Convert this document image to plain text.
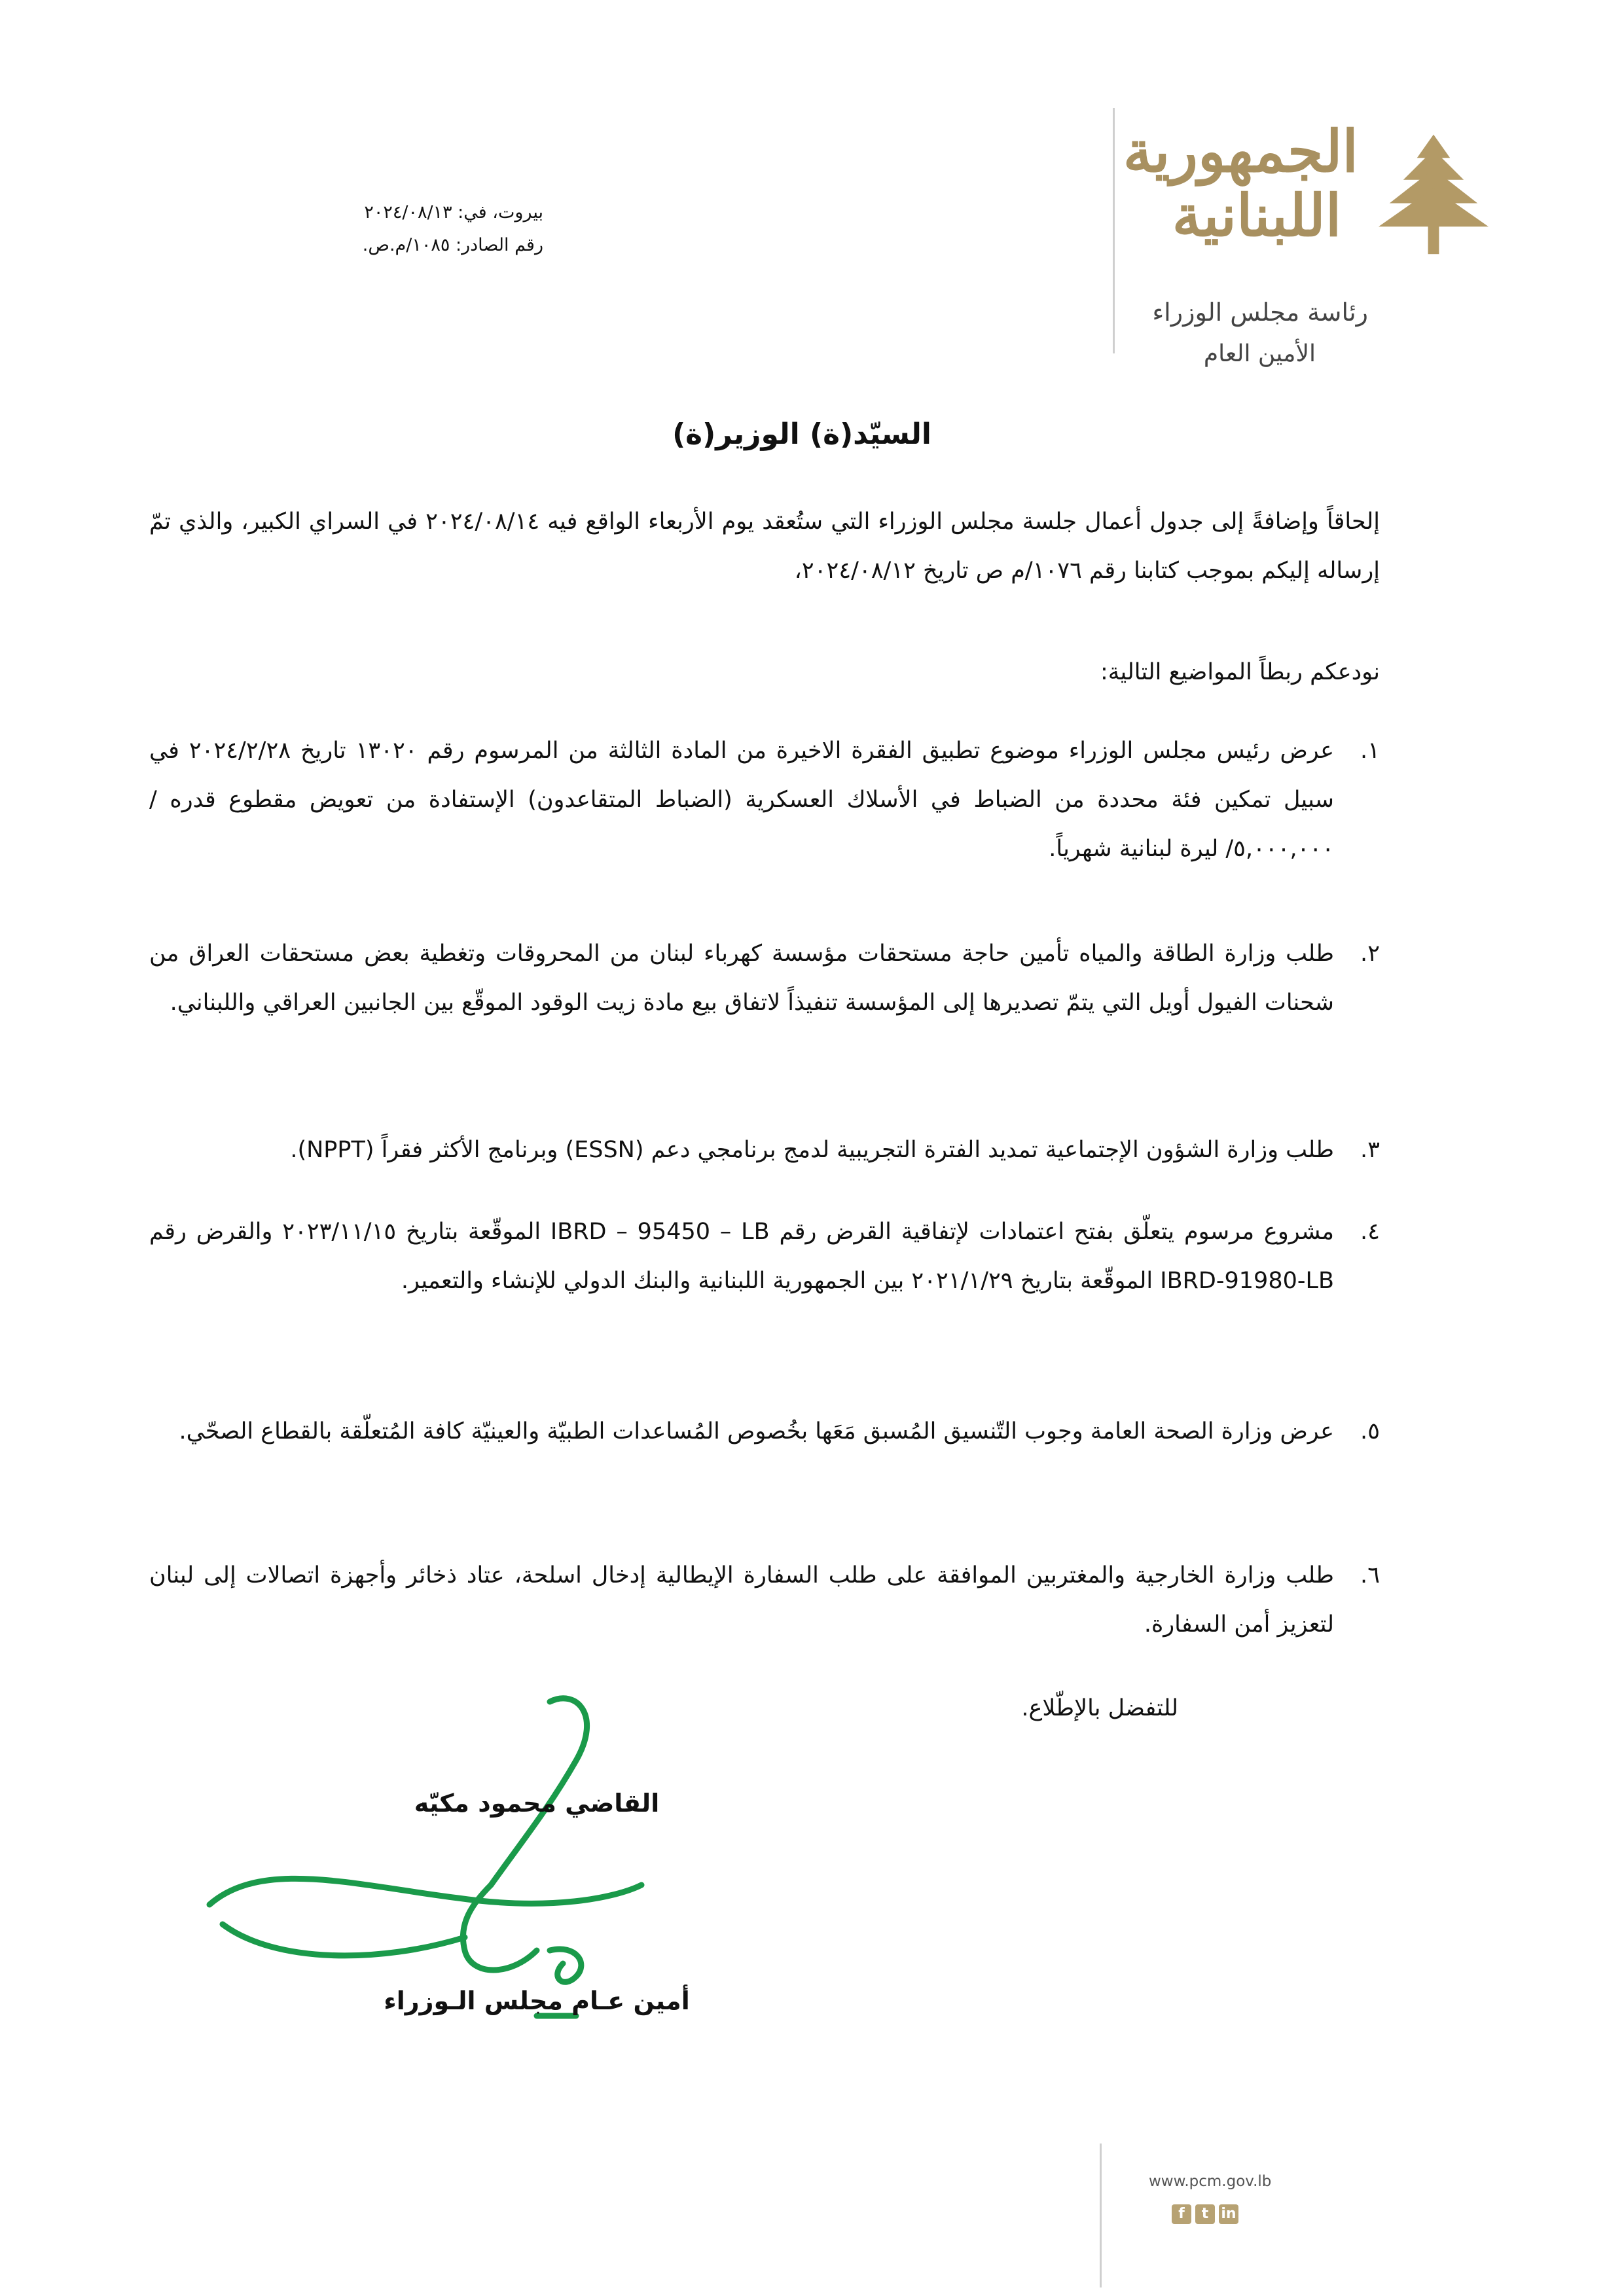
الجمهورية
اللبنانية
رئاسة مجلس الوزراء
الأمين العام
بيروت، في: ٢٠٢٤/٠٨/١٣
رقم الصادر: ١٠٨٥/م.ص.
السيّد(ة) الوزير(ة)
إلحاقاً وإضافةً إلى جدول أعمال جلسة مجلس الوزراء التي ستُعقد يوم الأربعاء الواقع فيه ٢٠٢٤/٠٨/١٤ في السراي الكبير، والذي تمّ إرساله إليكم بموجب كتابنا رقم ١٠٧٦/م ص تاريخ ٢٠٢٤/٠٨/١٢،
نودعكم ربطاً المواضيع التالية:
١.
عرض رئيس مجلس الوزراء موضوع تطبيق الفقرة الاخيرة من المادة الثالثة من المرسوم رقم ١٣٠٢٠ تاريخ ٢٠٢٤/٢/٢٨ في سبيل تمكين فئة محددة من الضباط في الأسلاك العسكرية (الضباط المتقاعدون) الإستفادة من تعويض مقطوع قدره /٥,٠٠٠,٠٠٠/ ليرة لبنانية شهرياً.
٢.
طلب وزارة الطاقة والمياه تأمين حاجة مستحقات مؤسسة كهرباء لبنان من المحروقات وتغطية بعض مستحقات العراق من شحنات الفيول أويل التي يتمّ تصديرها إلى المؤسسة تنفيذاً لاتفاق بيع مادة زيت الوقود الموقّع بين الجانبين العراقي واللبناني.
٣.
طلب وزارة الشؤون الإجتماعية تمديد الفترة التجريبية لدمج برنامجي دعم (ESSN) وبرنامج الأكثر فقراً (NPPT).
٤.
مشروع مرسوم يتعلّق بفتح اعتمادات لإتفاقية القرض رقم IBRD – 95450 – LB الموقّعة بتاريخ ٢٠٢٣/١١/١٥ والقرض رقم IBRD-91980-LB الموقّعة بتاريخ ٢٠٢١/١/٢٩ بين الجمهورية اللبنانية والبنك الدولي للإنشاء والتعمير.
٥.
عرض وزارة الصحة العامة وجوب التّنسيق المُسبق مَعَها بخُصوص المُساعدات الطبيّة والعينيّة كافة المُتعلّقة بالقطاع الصحّي.
٦.
طلب وزارة الخارجية والمغتربين الموافقة على طلب السفارة الإيطالية إدخال اسلحة، عتاد ذخائر وأجهزة اتصالات إلى لبنان لتعزيز أمن السفارة.
للتفضل بالإطّلاع.
القاضي محمود مكيّه
أمين عـام مجلس الـوزراء
www.pcm.gov.lb
f	t in
